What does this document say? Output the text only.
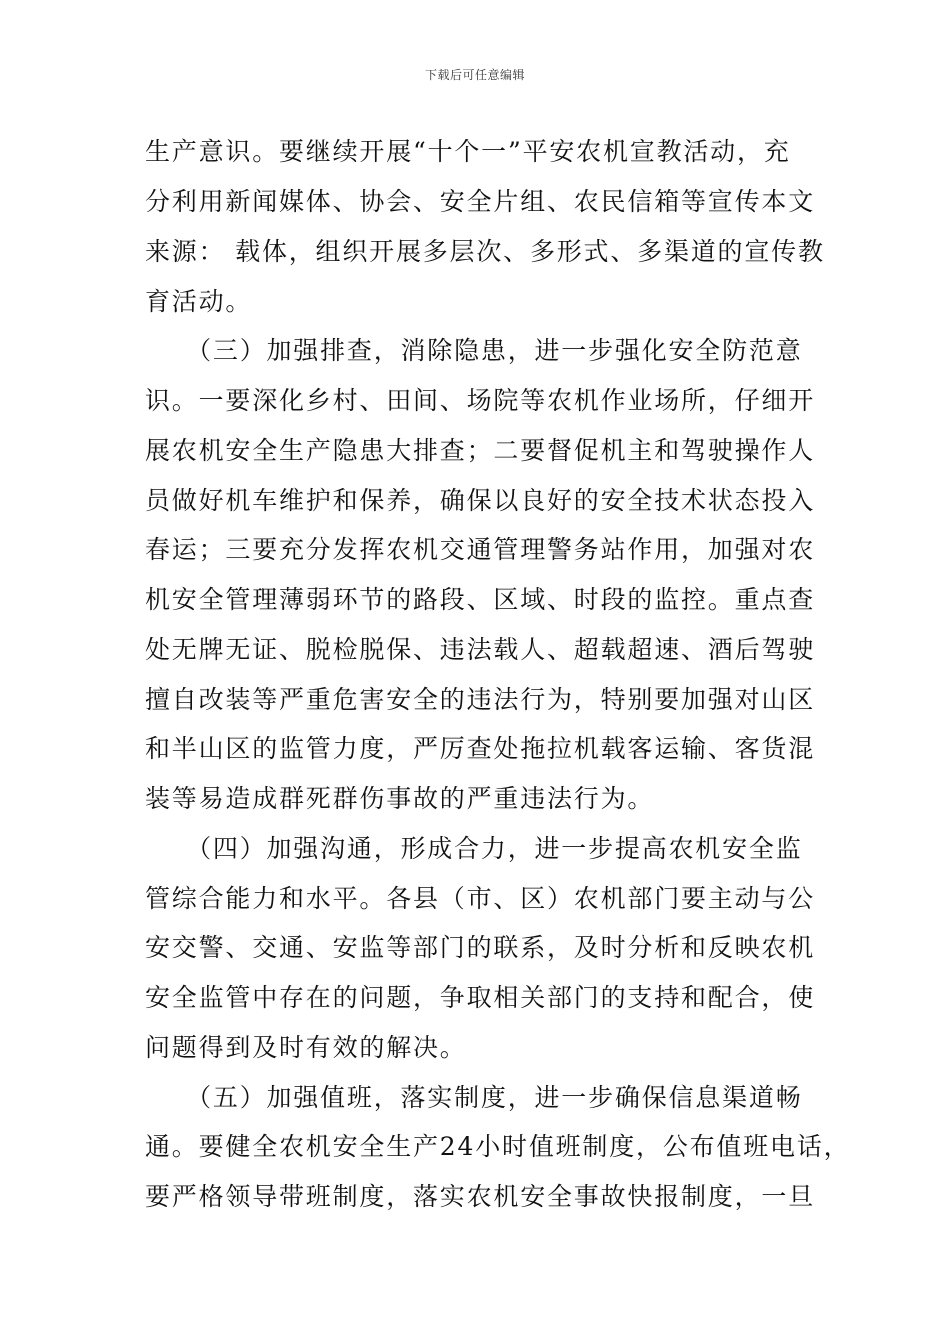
下载后可任意编辑
生产意识。要继续开展“十个一”平安农机宣教活动，充
分利用新闻媒体、协会、安全片组、农民信箱等宣传本文
来源： 载体，组织开展多层次、多形式、多渠道的宣传教
育活动。
　　（三）加强排查，消除隐患，进一步强化安全防范意
识。一要深化乡村、田间、场院等农机作业场所，仔细开
展农机安全生产隐患大排查；二要督促机主和驾驶操作人
员做好机车维护和保养，确保以良好的安全技术状态投入
春运；三要充分发挥农机交通管理警务站作用，加强对农
机安全管理薄弱环节的路段、区域、时段的监控。重点查
处无牌无证、脱检脱保、违法载人、超载超速、酒后驾驶
擅自改装等严重危害安全的违法行为，特别要加强对山区
和半山区的监管力度，严厉查处拖拉机载客运输、客货混
装等易造成群死群伤事故的严重违法行为。
　　（四）加强沟通，形成合力，进一步提高农机安全监
管综合能力和水平。各县（市、区）农机部门要主动与公
安交警、交通、安监等部门的联系，及时分析和反映农机
安全监管中存在的问题，争取相关部门的支持和配合，使
问题得到及时有效的解决。
　　（五）加强值班，落实制度，进一步确保信息渠道畅
通。要健全农机安全生产24小时值班制度，公布值班电话，
要严格领导带班制度，落实农机安全事故快报制度，一旦
